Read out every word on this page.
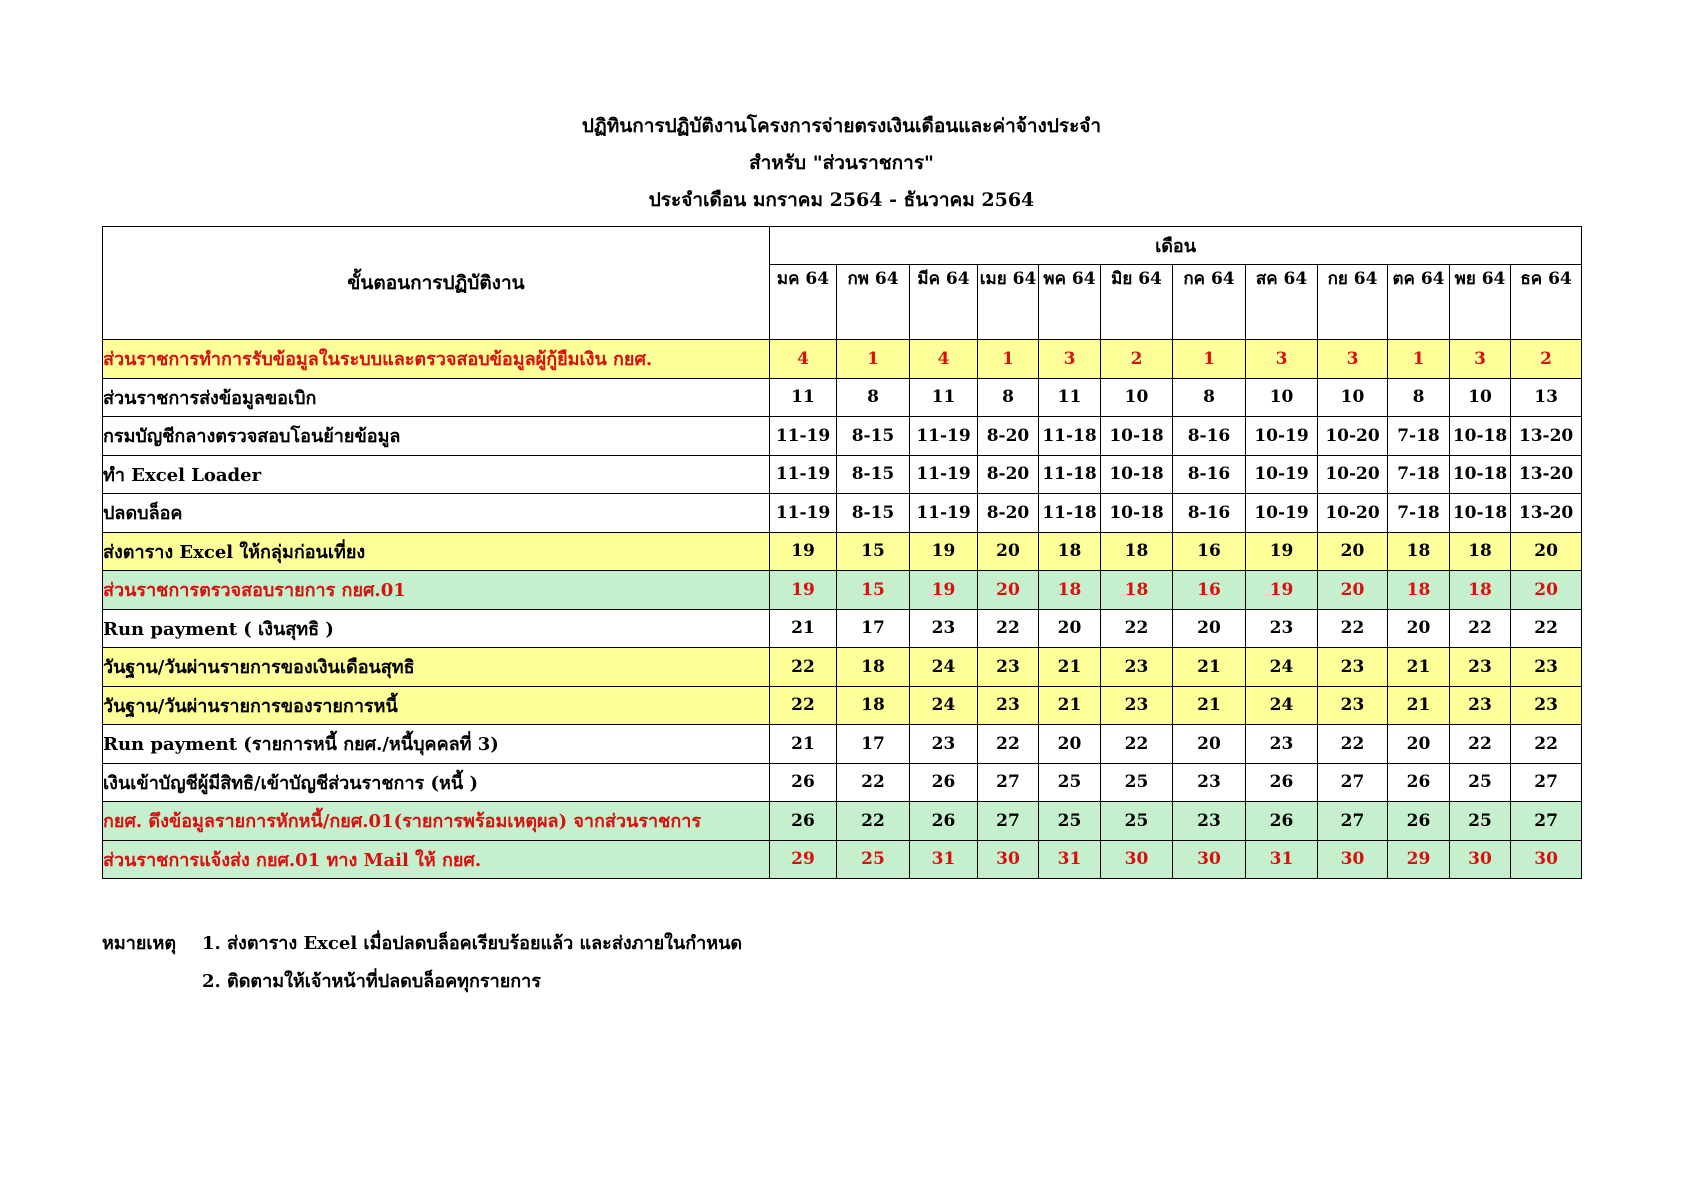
ปฏิทินการปฏิบัติงานโครงการจ่ายตรงเงินเดือนและค่าจ้างประจำ
สำหรับ "ส่วนราชการ"
ประจำเดือน มกราคม 2564 - ธันวาคม 2564
ขั้นตอนการปฏิบัติงาน	เดือน											
	มค 64	กพ 64	มีค 64	เมย 64	พค 64	มิย 64	กค 64	สค 64	กย 64	ตค 64	พย 64	ธค 64
ส่วนราชการทำการรับข้อมูลในระบบและตรวจสอบข้อมูลผู้กู้ยืมเงิน กยศ.	4	1	4	1	3	2	1	3	3	1	3	2
ส่วนราชการส่งข้อมูลขอเบิก	11	8	11	8	11	10	8	10	10	8	10	13
กรมบัญชีกลางตรวจสอบโอนย้ายข้อมูล	11-19	8-15	11-19	8-20	11-18	10-18	8-16	10-19	10-20	7-18	10-18	13-20
ทำ Excel Loader	11-19	8-15	11-19	8-20	11-18	10-18	8-16	10-19	10-20	7-18	10-18	13-20
ปลดบล็อค	11-19	8-15	11-19	8-20	11-18	10-18	8-16	10-19	10-20	7-18	10-18	13-20
ส่งตาราง Excel ให้กลุ่มก่อนเที่ยง	19	15	19	20	18	18	16	19	20	18	18	20
ส่วนราชการตรวจสอบรายการ กยศ.01	19	15	19	20	18	18	16	19	20	18	18	20
Run payment ( เงินสุทธิ )	21	17	23	22	20	22	20	23	22	20	22	22
วันฐาน/วันผ่านรายการของเงินเดือนสุทธิ	22	18	24	23	21	23	21	24	23	21	23	23
วันฐาน/วันผ่านรายการของรายการหนี้	22	18	24	23	21	23	21	24	23	21	23	23
Run payment (รายการหนี้ กยศ./หนี้บุคคลที่ 3)	21	17	23	22	20	22	20	23	22	20	22	22
เงินเข้าบัญชีผู้มีสิทธิ/เข้าบัญชีส่วนราชการ (หนี้ )	26	22	26	27	25	25	23	26	27	26	25	27
กยศ. ดึงข้อมูลรายการหักหนี้/กยศ.01(รายการพร้อมเหตุผล) จากส่วนราชการ	26	22	26	27	25	25	23	26	27	26	25	27
ส่วนราชการแจ้งส่ง กยศ.01 ทาง Mail ให้ กยศ.	29	25	31	30	31	30	30	31	30	29	30	30
หมายเหตุ 1. ส่งตาราง Excel เมื่อปลดบล็อคเรียบร้อยแล้ว และส่งภายในกำหนด
2. ติดตามให้เจ้าหน้าที่ปลดบล็อคทุกรายการ
